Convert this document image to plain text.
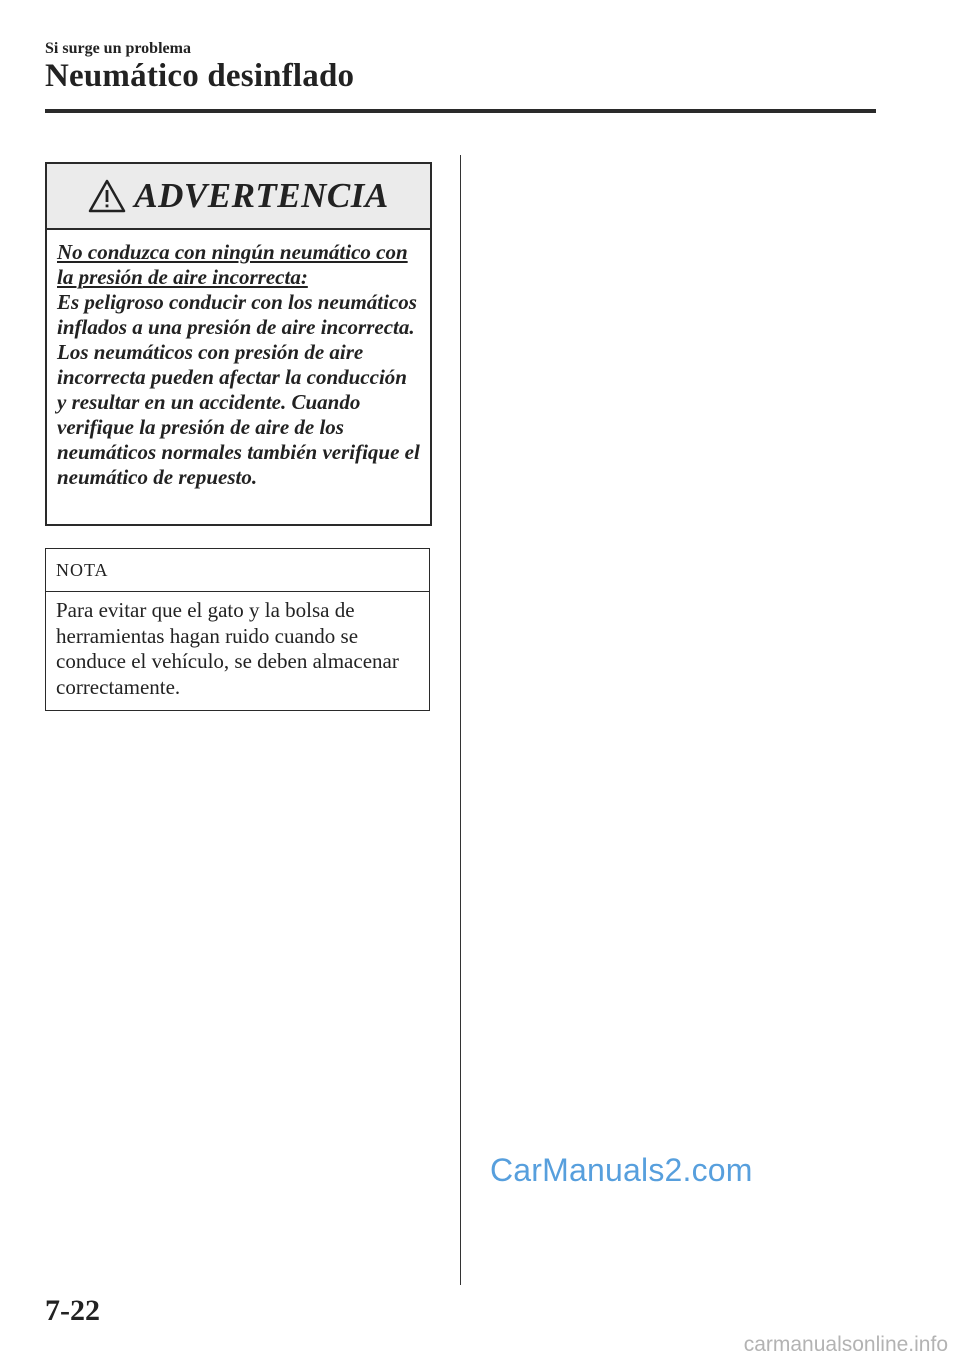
Si surge un problema
Neumático desinflado
ADVERTENCIA
No conduzca con ningún neumático con la presión de aire incorrecta:
Es peligroso conducir con los neumáticos inflados a una presión de aire incorrecta. Los neumáticos con presión de aire incorrecta pueden afectar la conducción y resultar en un accidente. Cuando verifique la presión de aire de los neumáticos normales también verifique el neumático de repuesto.
NOTA
Para evitar que el gato y la bolsa de herramientas hagan ruido cuando se conduce el vehículo, se deben almacenar correctamente.
CarManuals2.com
7-22
carmanualsonline.info
